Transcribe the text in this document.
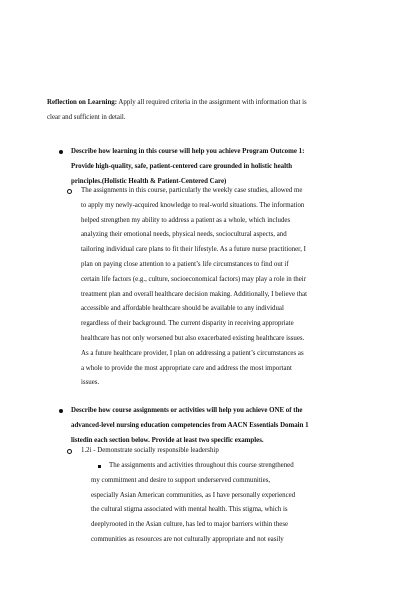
Reflection on Learning: Apply all required criteria in the assignment with information that is
clear and sufficient in detail.
Describe how learning in this course will help you achieve Program Outcome 1:
Provide high-quality, safe, patient-centered care grounded in holistic health
principles.(Holistic Health & Patient-Centered Care)
The assignments in this course, particularly the weekly case studies, allowed me
to apply my newly-acquired knowledge to real-world situations. The information
helped strengthen my ability to address a patient as a whole, which includes
analyzing their emotional needs, physical needs, sociocultural aspects, and
tailoring individual care plans to fit their lifestyle. As a future nurse practitioner, I
plan on paying close attention to a patient’s life circumstances to find out if
certain life factors (e.g., culture, socioeconomical factors) may play a role in their
treatment plan and overall healthcare decision making. Additionally, I believe that
accessible and affordable healthcare should be available to any individual
regardless of their background. The current disparity in receiving appropriate
healthcare has not only worsened but also exacerbated existing healthcare issues.
As a future healthcare provider, I plan on addressing a patient’s circumstances as
a whole to provide the most appropriate care and address the most important
issues.
Describe how course assignments or activities will help you achieve ONE of the
advanced-level nursing education competencies from AACN Essentials Domain 1
listedin each section below. Provide at least two specific examples.
1.2i - Demonstrate socially responsible leadership
The assignments and activities throughout this course strengthened
my commitment and desire to support underserved communities,
especially Asian American communities, as I have personally experienced
the cultural stigma associated with mental health. This stigma, which is
deeplyrooted in the Asian culture, has led to major barriers within these
communities as resources are not culturally appropriate and not easily
